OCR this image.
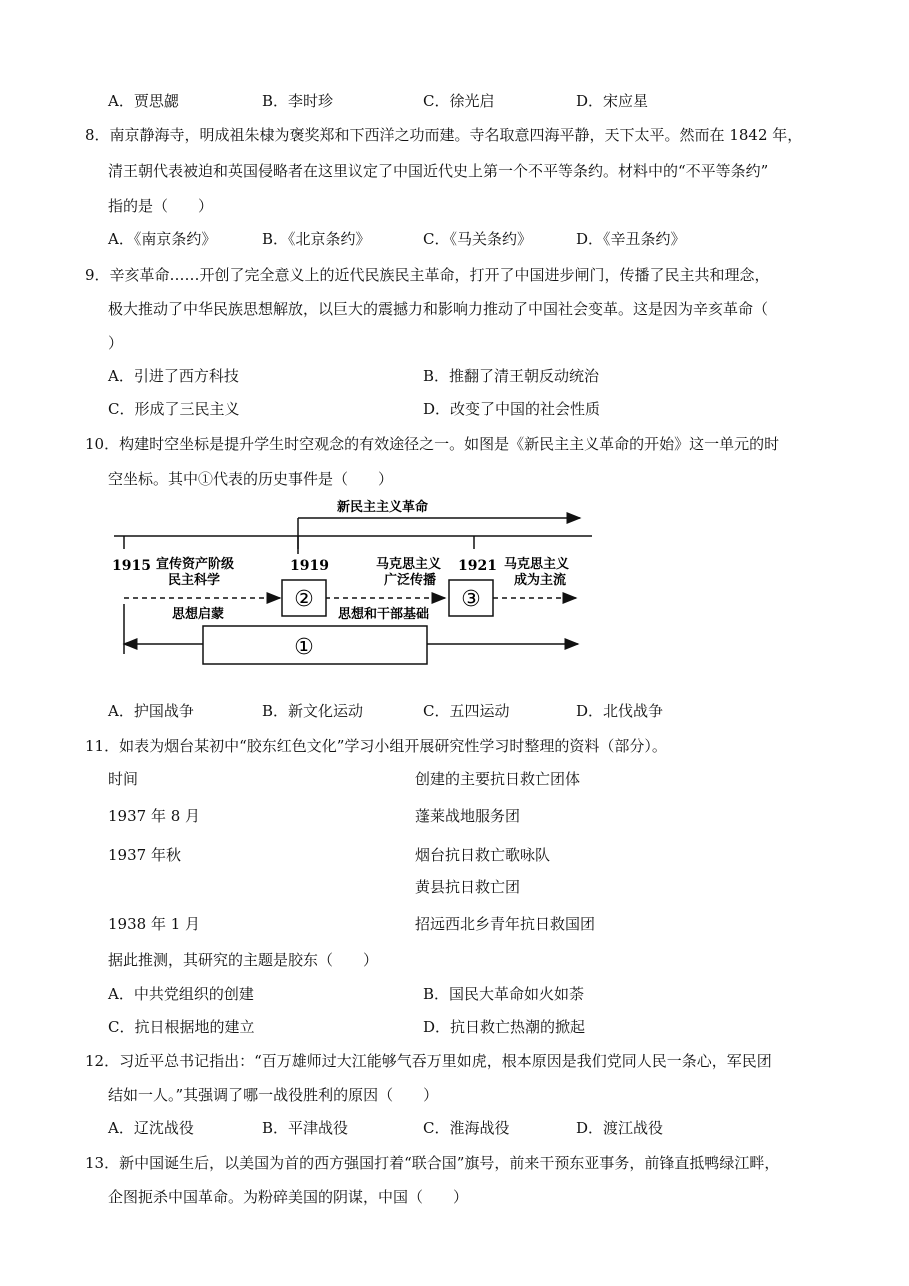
A．贾思勰	B．李时珍	C．徐光启	D．宋应星
8．南京静海寺，明成祖朱棣为褒奖郑和下西洋之功而建。寺名取意四海平静，天下太平。然而在 1842 年，
清王朝代表被迫和英国侵略者在这里议定了中国近代史上第一个不平等条约。材料中的“不平等条约”
指的是（　　）
A．《南京条约》	B．《北京条约》	C．《马关条约》	D．《辛丑条约》
9．辛亥革命……开创了完全意义上的近代民族民主革命，打开了中国进步闸门，传播了民主共和理念，
极大推动了中华民族思想解放，以巨大的震撼力和影响力推动了中国社会变革。这是因为辛亥革命（
）
A．引进了西方科技	B．推翻了清王朝反动统治
C．形成了三民主义	D．改变了中国的社会性质
10．构建时空坐标是提升学生时空观念的有效途径之一。如图是《新民主主义革命的开始》这一单元的时
空坐标。其中①代表的历史事件是（　　）
新民主主义革命
1915	1919	1921
宣传资产阶级
民主科学
马克思主义
广泛传播
马克思主义
成为主流
②	③
思想启蒙	思想和干部基础
①
A．护国战争	B．新文化运动	C．五四运动	D．北伐战争
11．如表为烟台某初中“胶东红色文化”学习小组开展研究性学习时整理的资料（部分）。
时间	创建的主要抗日救亡团体
1937 年 8 月	蓬莱战地服务团
1937 年秋	烟台抗日救亡歌咏队
黄县抗日救亡团
1938 年 1 月	招远西北乡青年抗日救国团
据此推测，其研究的主题是胶东（　　）
A．中共党组织的创建	B．国民大革命如火如荼
C．抗日根据地的建立	D．抗日救亡热潮的掀起
12．习近平总书记指出：“百万雄师过大江能够气吞万里如虎，根本原因是我们党同人民一条心，军民团
结如一人。”其强调了哪一战役胜利的原因（　　）
A．辽沈战役	B．平津战役	C．淮海战役	D．渡江战役
13．新中国诞生后，以美国为首的西方强国打着“联合国”旗号，前来干预东亚事务，前锋直抵鸭绿江畔，
企图扼杀中国革命。为粉碎美国的阴谋，中国（　　）
